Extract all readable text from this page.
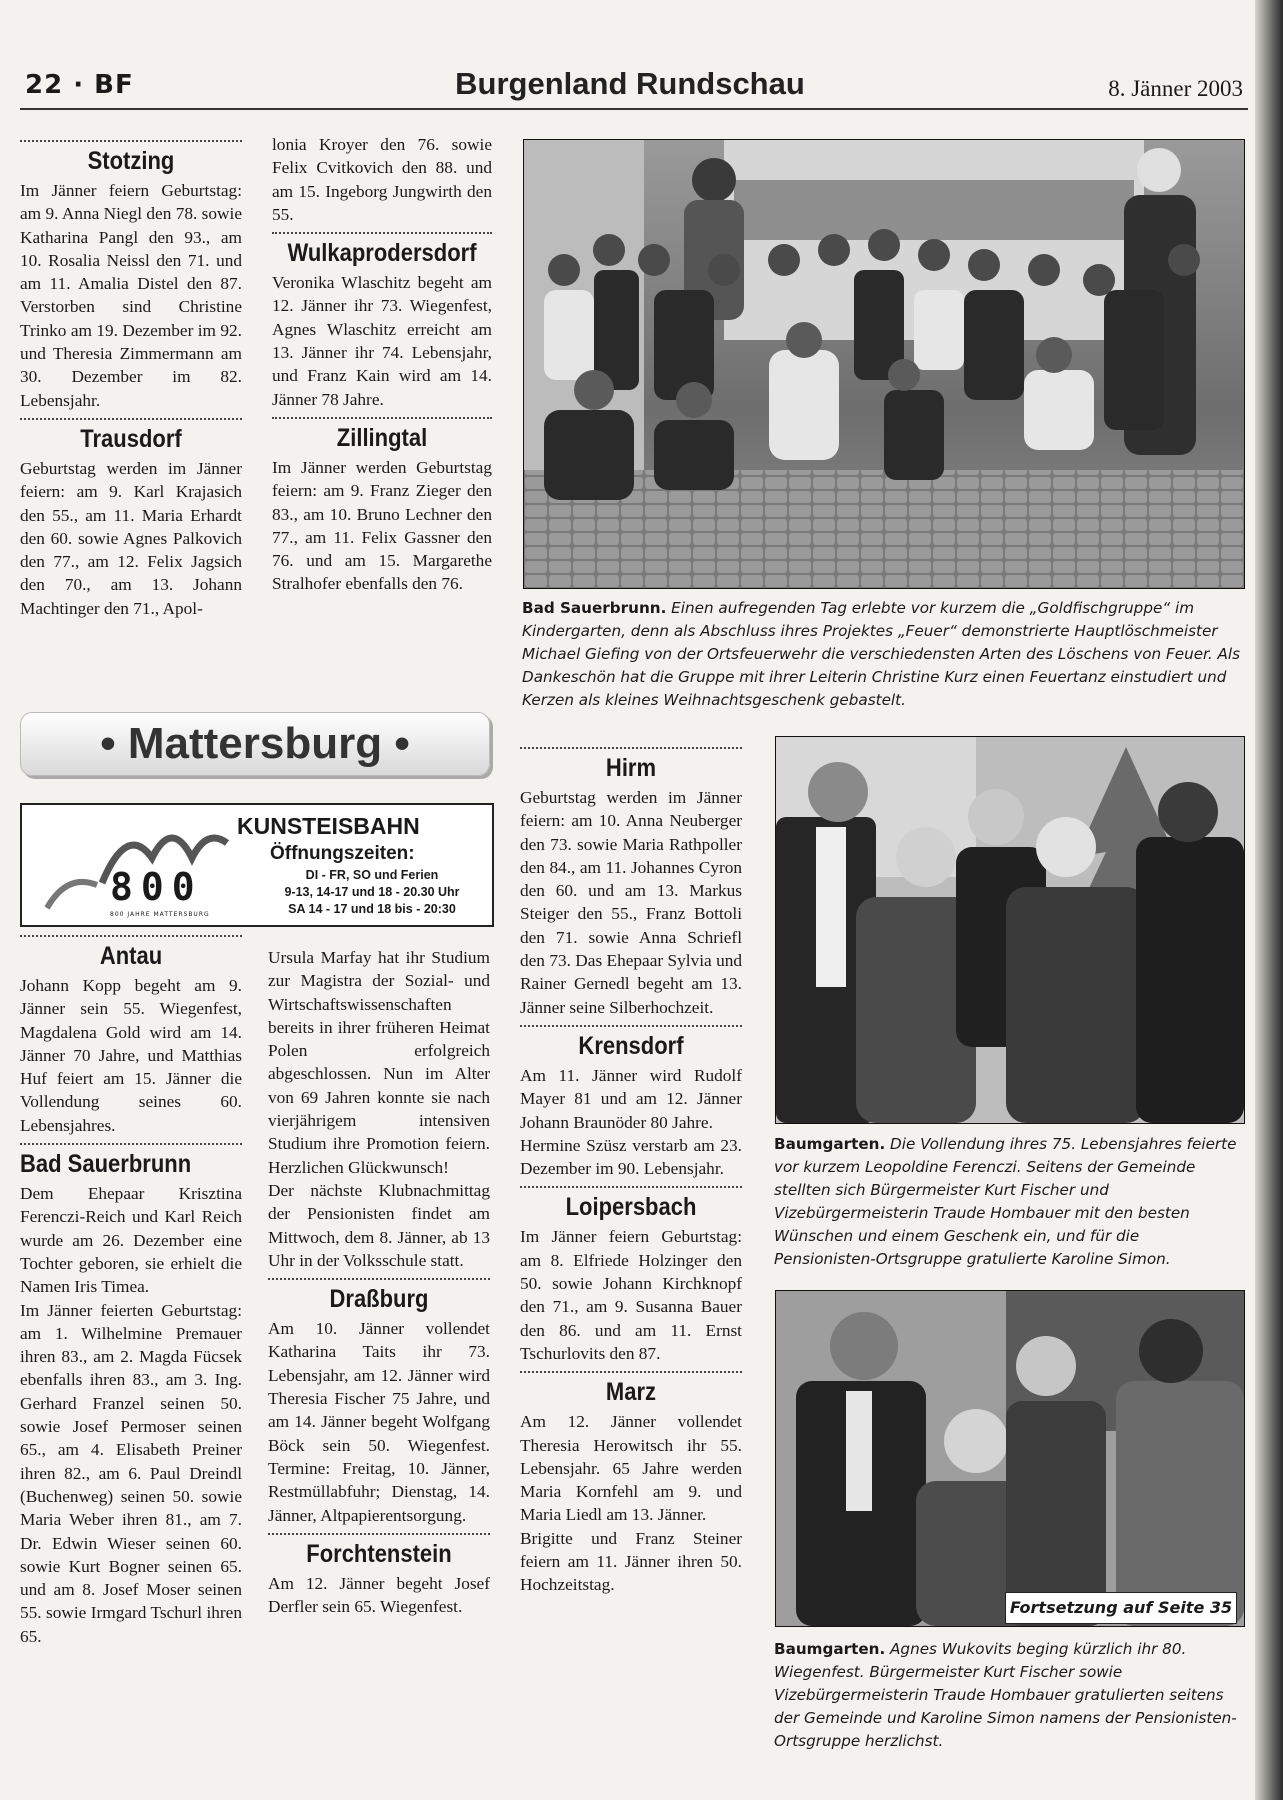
22 · BF	Burgenland Rundschau	8. Jänner 2003
Stotzing

Im Jänner feiern Geburtstag: am 9. Anna Niegl den 78. sowie Katharina Pangl den 93., am 10. Rosalia Neissl den 71. und am 11. Amalia Distel den 87. Verstorben sind Christine Trinko am 19. Dezember im 92. und Theresia Zimmermann am 30. Dezember im 82. Lebensjahr.

Trausdorf

Geburtstag werden im Jänner feiern: am 9. Karl Krajasich den 55., am 11. Maria Erhardt den 60. sowie Agnes Palkovich den 77., am 12. Felix Jagsich den 70., am 13. Johann Machtinger den 71., Apol-

lonia Kroyer den 76. sowie Felix Cvitkovich den 88. und am 15. Ingeborg Jungwirth den 55.

Wulkaprodersdorf

Veronika Wlaschitz begeht am 12. Jänner ihr 73. Wiegenfest, Agnes Wlaschitz erreicht am 13. Jänner ihr 74. Lebensjahr, und Franz Kain wird am 14. Jänner 78 Jahre.

Zillingtal

Im Jänner werden Geburtstag feiern: am 9. Franz Zieger den 83., am 10. Bruno Lechner den 77., am 11. Felix Gassner den 76. und am 15. Margarethe Stralhofer ebenfalls den 76.

• Mattersburg •
800
800 JAHRE MATTERSBURG
KUNSTEISBAHN
Öffnungszeiten:
DI - FR, SO und Ferien
9-13, 14-17 und 18 - 20.30 Uhr
SA 14 - 17 und 18 bis - 20:30
Antau

Johann Kopp begeht am 9. Jänner sein 55. Wiegenfest, Magdalena Gold wird am 14. Jänner 70 Jahre, und Matthias Huf feiert am 15. Jänner die Vollendung seines 60. Lebensjahres.

Bad Sauerbrunn

Dem Ehepaar Krisztina Ferenczi-Reich und Karl Reich wurde am 26. Dezember eine Tochter geboren, sie erhielt die Namen Iris Timea.

Im Jänner feierten Geburtstag: am 1. Wilhelmine Premauer ihren 83., am 2. Magda Fücsek ebenfalls ihren 83., am 3. Ing. Gerhard Franzel seinen 50. sowie Josef Permoser seinen 65., am 4. Elisabeth Preiner ihren 82., am 6. Paul Dreindl (Buchenweg) seinen 50. sowie Maria Weber ihren 81., am 7. Dr. Edwin Wieser seinen 60. sowie Kurt Bogner seinen 65. und am 8. Josef Moser seinen 55. sowie Irmgard Tschurl ihren 65.

Ursula Marfay hat ihr Studium zur Magistra der Sozial- und Wirtschaftswissenschaften bereits in ihrer früheren Heimat Polen erfolgreich abgeschlossen. Nun im Alter von 69 Jahren konnte sie nach vierjährigem intensiven Studium ihre Promotion feiern. Herzlichen Glückwunsch!

Der nächste Klubnachmittag der Pensionisten findet am Mittwoch, dem 8. Jänner, ab 13 Uhr in der Volksschule statt.

Draßburg

Am 10. Jänner vollendet Katharina Taits ihr 73. Lebensjahr, am 12. Jänner wird Theresia Fischer 75 Jahre, und am 14. Jänner begeht Wolfgang Böck sein 50. Wiegenfest. Termine: Freitag, 10. Jänner, Restmüllabfuhr; Dienstag, 14. Jänner, Altpapierentsorgung.

Forchtenstein

Am 12. Jänner begeht Josef Derfler sein 65. Wiegenfest.

Hirm

Geburtstag werden im Jänner feiern: am 10. Anna Neuberger den 73. sowie Maria Rathpoller den 84., am 11. Johannes Cyron den 60. und am 13. Markus Steiger den 55., Franz Bottoli den 71. sowie Anna Schriefl den 73. Das Ehepaar Sylvia und Rainer Gernedl begeht am 13. Jänner seine Silberhochzeit.

Krensdorf

Am 11. Jänner wird Rudolf Mayer 81 und am 12. Jänner Johann Braunöder 80 Jahre.

Hermine Szüsz verstarb am 23. Dezember im 90. Lebensjahr.

Loipersbach

Im Jänner feiern Geburtstag: am 8. Elfriede Holzinger den 50. sowie Johann Kirchknopf den 71., am 9. Susanna Bauer den 86. und am 11. Ernst Tschurlovits den 87.

Marz

Am 12. Jänner vollendet Theresia Herowitsch ihr 55. Lebensjahr. 65 Jahre werden Maria Kornfehl am 9. und Maria Liedl am 13. Jänner.

Brigitte und Franz Steiner feiern am 11. Jänner ihren 50. Hochzeitstag.

Bad Sauerbrunn. Einen aufregenden Tag erlebte vor kurzem die „Goldfischgruppe“ im Kindergarten, denn als Abschluss ihres Projektes „Feuer“ demonstrierte Hauptlöschmeister Michael Giefing von der Ortsfeuerwehr die verschiedensten Arten des Löschens von Feuer. Als Dankeschön hat die Gruppe mit ihrer Leiterin Christine Kurz einen Feuertanz einstudiert und Kerzen als kleines Weihnachtsgeschenk gebastelt.
Baumgarten. Die Vollendung ihres 75. Lebensjahres feierte vor kurzem Leopoldine Ferenczi. Seitens der Gemeinde stellten sich Bürgermeister Kurt Fischer und Vizebürgermeisterin Traude Hombauer mit den besten Wünschen und einem Geschenk ein, und für die Pensionisten-Ortsgruppe gratulierte Karoline Simon.
Fortsetzung auf Seite 35
Baumgarten. Agnes Wukovits beging kürzlich ihr 80. Wiegenfest. Bürgermeister Kurt Fischer sowie Vizebürgermeisterin Traude Hombauer gratulierten seitens der Gemeinde und Karoline Simon namens der Pensionisten-Ortsgruppe herzlichst.
